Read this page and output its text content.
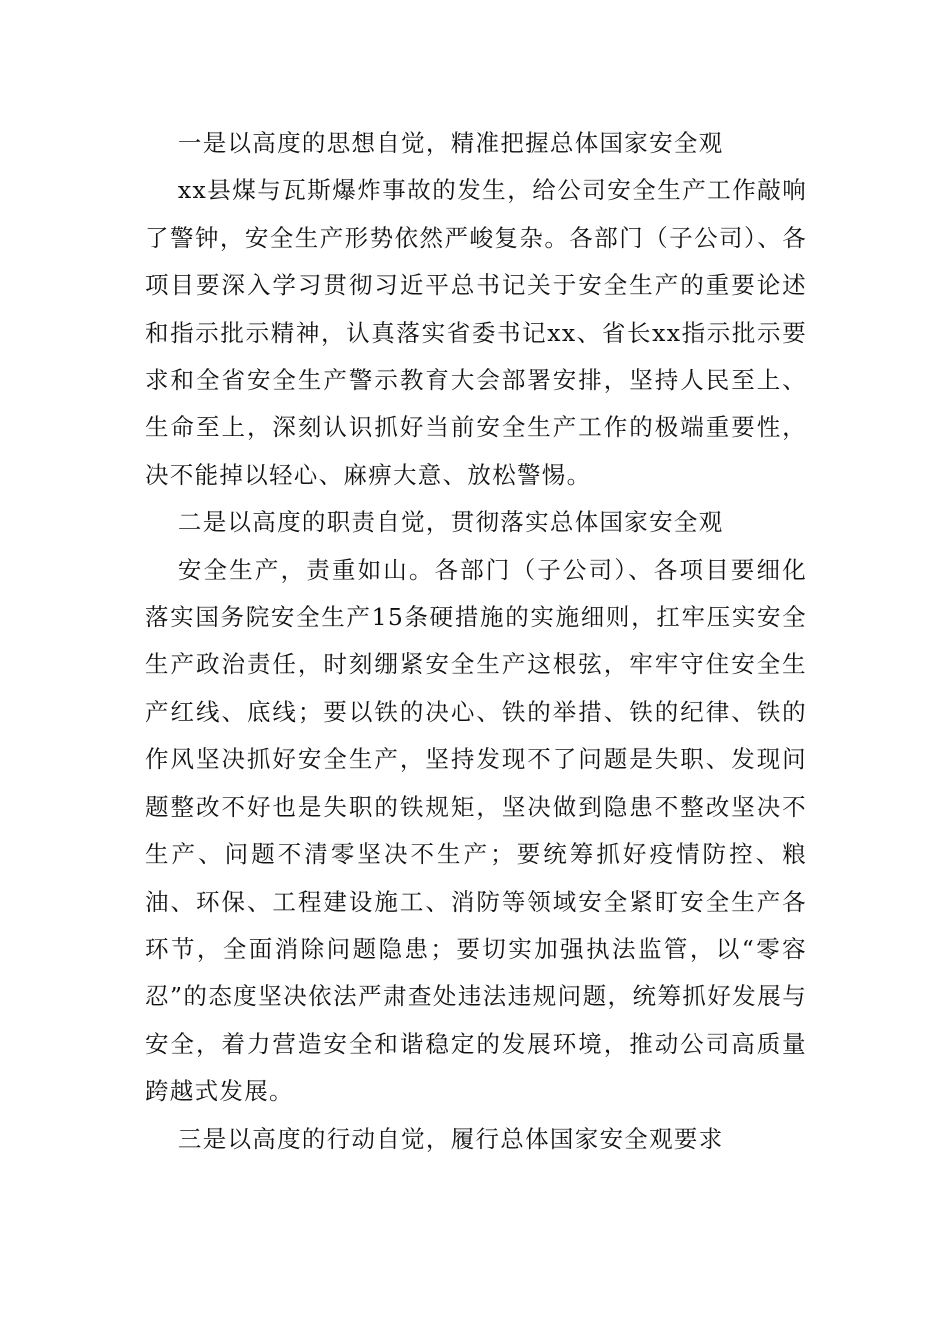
一是以高度的思想自觉，精准把握总体国家安全观

xx县煤与瓦斯爆炸事故的发生，给公司安全生产工作敲响了警钟，安全生产形势依然严峻复杂。各部门（子公司）、各项目要深入学习贯彻习近平总书记关于安全生产的重要论述和指示批示精神，认真落实省委书记xx、省长xx指示批示要求和全省安全生产警示教育大会部署安排，坚持人民至上、生命至上，深刻认识抓好当前安全生产工作的极端重要性，决不能掉以轻心、麻痹大意、放松警惕。

二是以高度的职责自觉，贯彻落实总体国家安全观

安全生产，责重如山。各部门（子公司）、各项目要细化落实国务院安全生产15条硬措施的实施细则，扛牢压实安全生产政治责任，时刻绷紧安全生产这根弦，牢牢守住安全生产红线、底线；要以铁的决心、铁的举措、铁的纪律、铁的作风坚决抓好安全生产，坚持发现不了问题是失职、发现问题整改不好也是失职的铁规矩，坚决做到隐患不整改坚决不生产、问题不清零坚决不生产；要统筹抓好疫情防控、粮油、环保、工程建设施工、消防等领域安全紧盯安全生产各环节，全面消除问题隐患；要切实加强执法监管，以“零容忍”的态度坚决依法严肃查处违法违规问题，统筹抓好发展与安全，着力营造安全和谐稳定的发展环境，推动公司高质量跨越式发展。

三是以高度的行动自觉，履行总体国家安全观要求
